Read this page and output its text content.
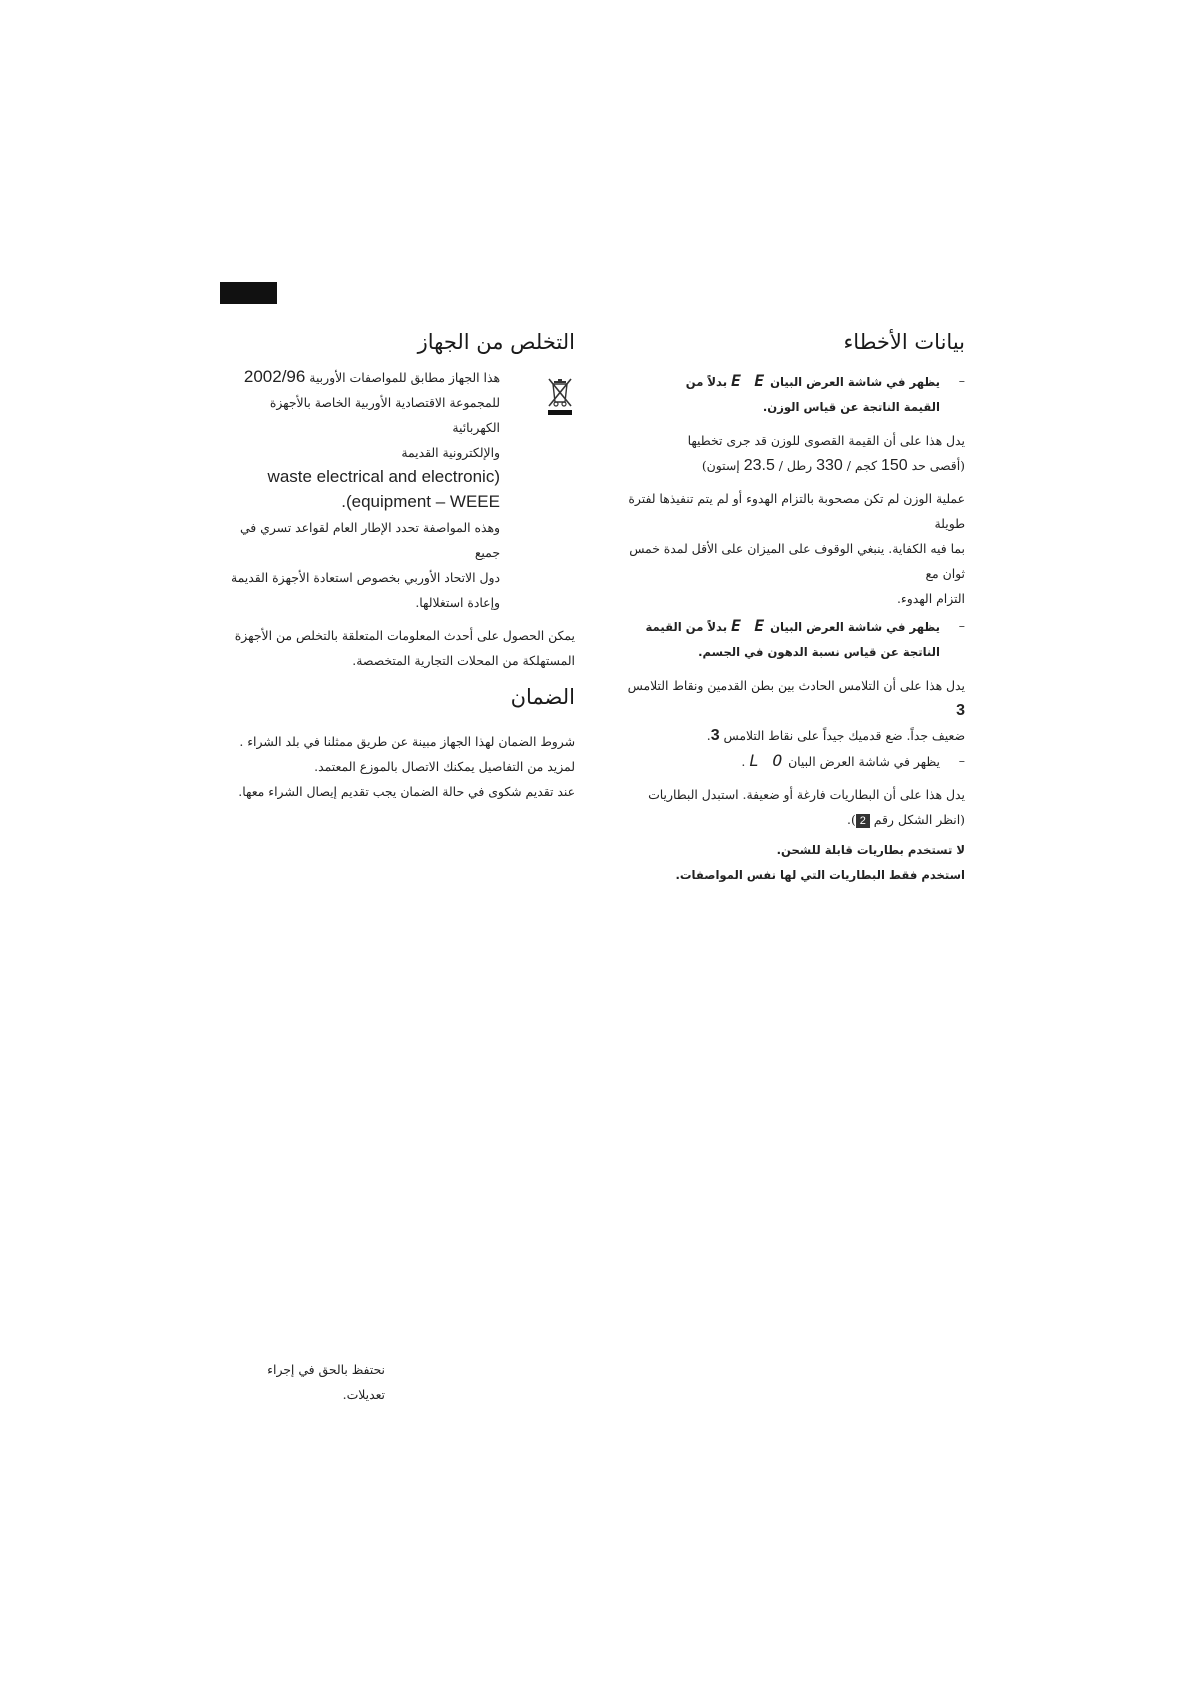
بيانات الأخطاء
–

يظهر في شاشة العرض البيان E E بدلاً من

القيمة الناتجة عن قياس الوزن.

يدل هذا على أن القيمة القصوى للوزن قد جرى تخطيها

(أقصى حد 150 كجم / 330 رطل / 23.5 إستون)

عملية الوزن لم تكن مصحوبة بالتزام الهدوء أو لم يتم تنفيذها لفترة طويلة

بما فيه الكفاية. ينبغي الوقوف على الميزان على الأقل لمدة خمس ثوان مع

التزام الهدوء.

–

يظهر في شاشة العرض البيان E E بدلاً من القيمة

الناتجة عن قياس نسبة الدهون في الجسم.

يدل هذا على أن التلامس الحادث بين بطن القدمين ونقاط التلامس 3

ضعيف جداً. ضع قدميك جيداً على نقاط التلامس 3.

–

يظهر في شاشة العرض البيان L O .

يدل هذا على أن البطاريات فارغة أو ضعيفة. استبدل البطاريات

(انظر الشكل رقم 2).

لا تستخدم بطاريات قابلة للشحن.

استخدم فقط البطاريات التي لها نفس المواصفات.

التخلص من الجهاز

هذا الجهاز مطابق للمواصفات الأوربية 2002/96

للمجموعة الاقتصادية الأوربية الخاصة بالأجهزة الكهربائية

والإلكترونية القديمة

waste electrical and electronic)

.(equipment – WEEE

وهذه المواصفة تحدد الإطار العام لقواعد تسري في جميع

دول الاتحاد الأوربي بخصوص استعادة الأجهزة القديمة

وإعادة استغلالها.

يمكن الحصول على أحدث المعلومات المتعلقة بالتخلص من الأجهزة

المستهلكة من المحلات التجارية المتخصصة.

الضمان

شروط الضمان لهذا الجهاز مبينة عن طريق ممثلنا في بلد الشراء .

لمزيد من التفاصيل يمكنك الاتصال بالموزع المعتمد.

عند تقديم شكوى في حالة الضمان يجب تقديم إيصال الشراء معها.

نحتفظ بالحق في إجراء تعديلات.
